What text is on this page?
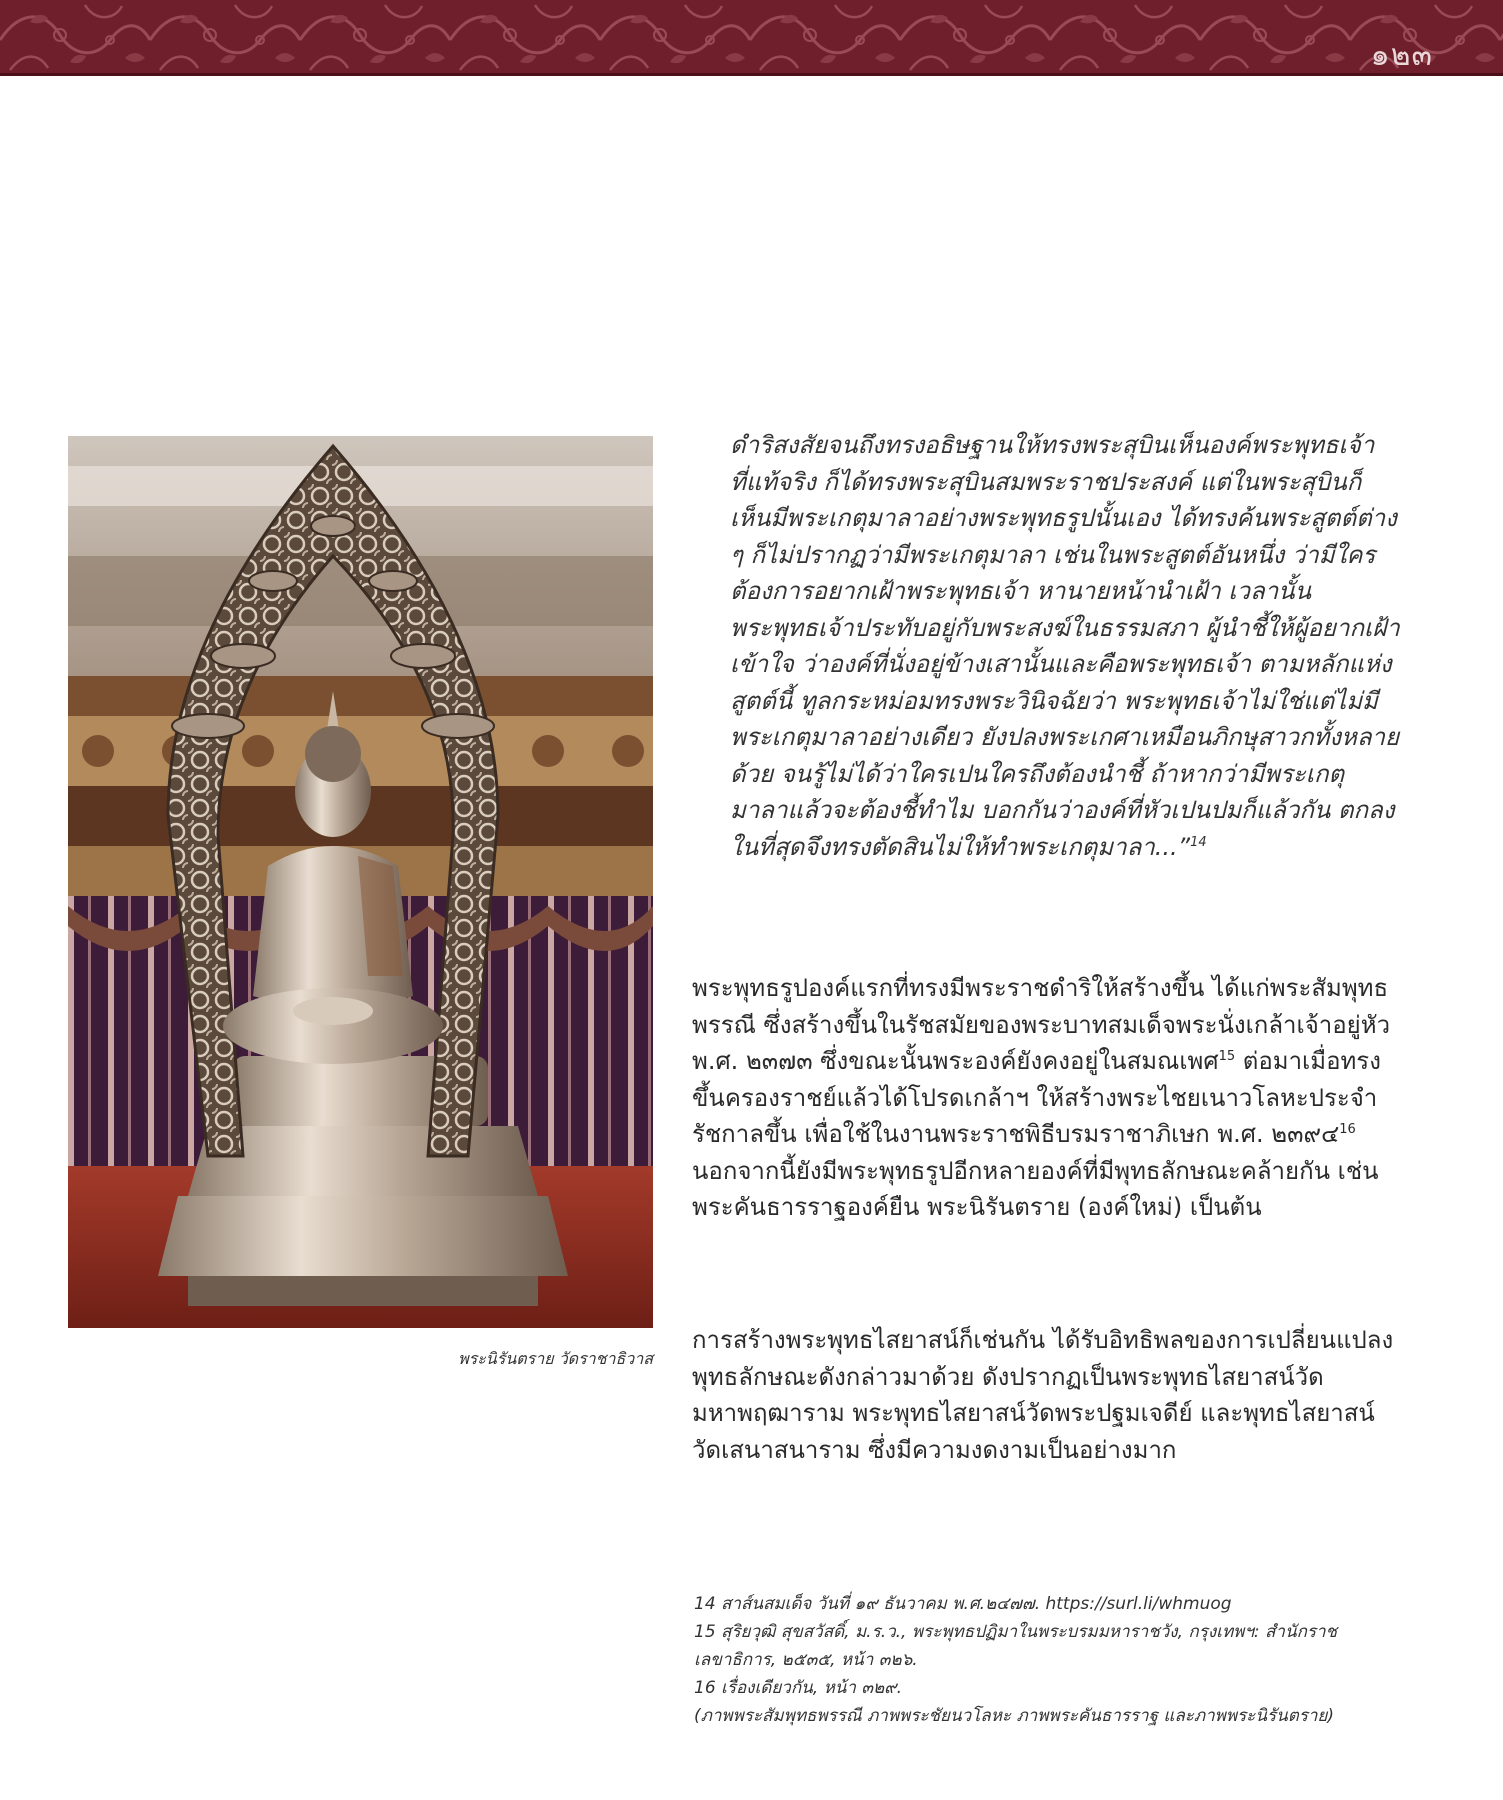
๑๒๓
พระนิรันตราย วัดราชาธิวาส

ดำริสงสัยจนถึงทรงอธิษฐานให้ทรงพระสุบินเห็นองค์พระพุทธเจ้าที่แท้จริง ก็ได้ทรงพระสุบินสมพระราชประสงค์ แต่ในพระสุบินก็เห็นมีพระเกตุมาลาอย่างพระพุทธรูปนั้นเอง ได้ทรงค้นพระสูตต์ต่าง ๆ ก็ไม่ปรากฏว่ามีพระเกตุมาลา เช่นในพระสูตต์อันหนึ่ง ว่ามีใครต้องการอยากเฝ้าพระพุทธเจ้า หานายหน้านำเฝ้า เวลานั้นพระพุทธเจ้าประทับอยู่กับพระสงฆ์ในธรรมสภา ผู้นำชี้ให้ผู้อยากเฝ้าเข้าใจ ว่าองค์ที่นั่งอยู่ข้างเสานั้นและคือพระพุทธเจ้า ตามหลักแห่งสูตต์นี้ ทูลกระหม่อมทรงพระวินิจฉัยว่า พระพุทธเจ้าไม่ใช่แต่ไม่มีพระเกตุมาลาอย่างเดียว ยังปลงพระเกศาเหมือนภิกษุสาวกทั้งหลายด้วย จนรู้ไม่ได้ว่าใครเปนใครถึงต้องนำชี้ ถ้าหากว่ามีพระเกตุมาลาแล้วจะต้องชี้ทำไม บอกกันว่าองค์ที่หัวเปนปมก็แล้วกัน ตกลงในที่สุดจึงทรงตัดสินไม่ให้ทำพระเกตุมาลา...”$^{14}$

พระพุทธรูปองค์แรกที่ทรงมีพระราชดำริให้สร้างขึ้น ได้แก่พระสัมพุทธพรรณี ซึ่งสร้างขึ้นในรัชสมัยของพระบาทสมเด็จพระนั่งเกล้าเจ้าอยู่หัว พ.ศ. ๒๓๗๓ ซึ่งขณะนั้นพระองค์ยังคงอยู่ในสมณเพศ$^{15}$ ต่อมาเมื่อทรงขึ้นครองราชย์แล้วได้โปรดเกล้าฯ ให้สร้างพระไชยเนาวโลหะประจำรัชกาลขึ้น เพื่อใช้ในงานพระราชพิธีบรมราชาภิเษก พ.ศ. ๒๓๙๔$^{16}$ นอกจากนี้ยังมีพระพุทธรูปอีกหลายองค์ที่มีพุทธลักษณะคล้ายกัน เช่น พระคันธารราฐองค์ยืน พระนิรันตราย (องค์ใหม่) เป็นต้น

การสร้างพระพุทธไสยาสน์ก็เช่นกัน ได้รับอิทธิพลของการเปลี่ยนแปลงพุทธลักษณะดังกล่าวมาด้วย ดังปรากฏเป็นพระพุทธไสยาสน์วัดมหาพฤฒาราม พระพุทธไสยาสน์วัดพระปฐมเจดีย์ และพุทธไสยาสน์วัดเสนาสนาราม ซึ่งมีความงดงามเป็นอย่างมาก

14 สาส์นสมเด็จ วันที่ ๑๙ ธันวาคม พ.ศ.๒๔๗๗. https://surl.li/whmuog
15 สุริยวุฒิ สุขสวัสดิ์, ม.ร.ว., พระพุทธปฏิมาในพระบรมมหาราชวัง, กรุงเทพฯ: สำนักราชเลขาธิการ, ๒๕๓๕, หน้า ๓๒๖.
16 เรื่องเดียวกัน, หน้า ๓๒๙.
(ภาพพระสัมพุทธพรรณี ภาพพระชัยนวโลหะ ภาพพระคันธารราฐ และภาพพระนิรันตราย)
